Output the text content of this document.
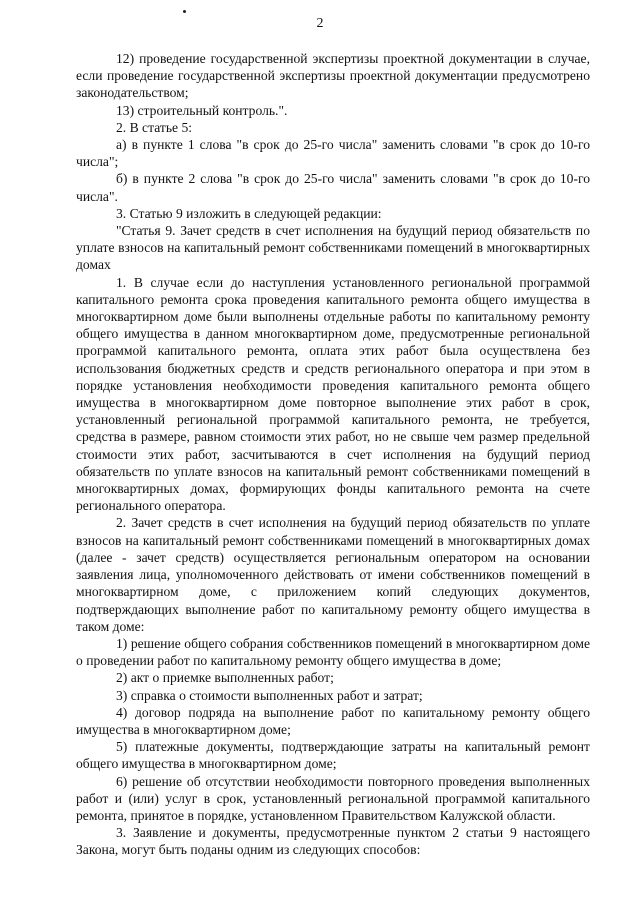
2

12) проведение государственной экспертизы проектной документации в случае, если проведение государственной экспертизы проектной документации предусмотрено законодательством;

13) строительный контроль.".

2. В статье 5:

а) в пункте 1 слова "в срок до 25-го числа" заменить словами "в срок до 10-го числа";

б) в пункте 2 слова "в срок до 25-го числа" заменить словами "в срок до 10-го числа".

3. Статью 9 изложить в следующей редакции:

"Статья 9. Зачет средств в счет исполнения на будущий период обязательств по уплате взносов на капитальный ремонт собственниками помещений в многоквартирных домах

1. В случае если до наступления установленного региональной программой капитального ремонта срока проведения капитального ремонта общего имущества в многоквартирном доме были выполнены отдельные работы по капитальному ремонту общего имущества в данном многоквартирном доме, предусмотренные региональной программой капитального ремонта, оплата этих работ была осуществлена без использования бюджетных средств и средств регионального оператора и при этом в порядке установления необходимости проведения капитального ремонта общего имущества в многоквартирном доме повторное выполнение этих работ в срок, установленный региональной программой капитального ремонта, не требуется, средства в размере, равном стоимости этих работ, но не свыше чем размер предельной стоимости этих работ, засчитываются в счет исполнения на будущий период обязательств по уплате взносов на капитальный ремонт собственниками помещений в многоквартирных домах, формирующих фонды капитального ремонта на счете регионального оператора.

2. Зачет средств в счет исполнения на будущий период обязательств по уплате взносов на капитальный ремонт собственниками помещений в многоквартирных домах (далее - зачет средств) осуществляется региональным оператором на основании заявления лица, уполномоченного действовать от имени собственников помещений в многоквартирном доме, с приложением копий следующих документов, подтверждающих выполнение работ по капитальному ремонту общего имущества в таком доме:

1) решение общего собрания собственников помещений в многоквартирном доме о проведении работ по капитальному ремонту общего имущества в доме;

2) акт о приемке выполненных работ;

3) справка о стоимости выполненных работ и затрат;

4) договор подряда на выполнение работ по капитальному ремонту общего имущества в многоквартирном доме;

5) платежные документы, подтверждающие затраты на капитальный ремонт общего имущества в многоквартирном доме;

6) решение об отсутствии необходимости повторного проведения выполненных работ и (или) услуг в срок, установленный региональной программой капитального ремонта, принятое в порядке, установленном Правительством Калужской области.

3. Заявление и документы, предусмотренные пунктом 2 статьи 9 настоящего Закона, могут быть поданы одним из следующих способов:
